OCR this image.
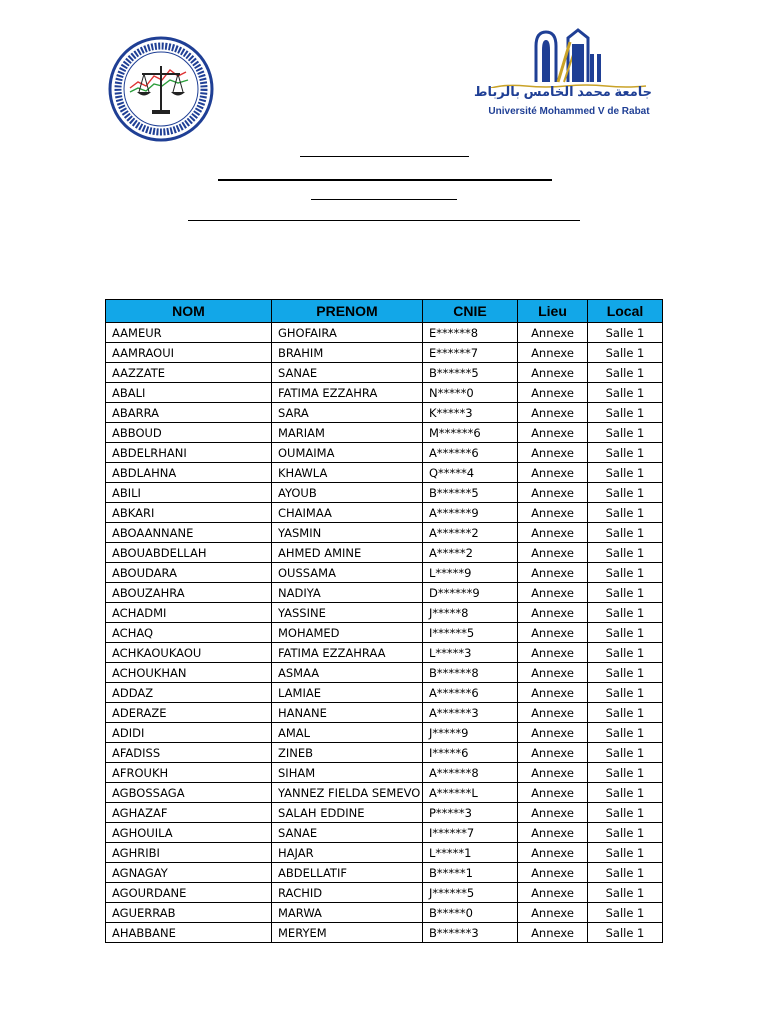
جامعة محمد الخامس بالرباط
Université Mohammed V de Rabat
NOM	PRENOM	CNIE	Lieu	Local
AAMEUR	GHOFAIRA	E******8	Annexe	Salle 1
AAMRAOUI	BRAHIM	E******7	Annexe	Salle 1
AAZZATE	SANAE	B******5	Annexe	Salle 1
ABALI	FATIMA EZZAHRA	N*****0	Annexe	Salle 1
ABARRA	SARA	K*****3	Annexe	Salle 1
ABBOUD	MARIAM	M******6	Annexe	Salle 1
ABDELRHANI	OUMAIMA	A******6	Annexe	Salle 1
ABDLAHNA	KHAWLA	Q*****4	Annexe	Salle 1
ABILI	AYOUB	B******5	Annexe	Salle 1
ABKARI	CHAIMAA	A******9	Annexe	Salle 1
ABOAANNANE	YASMIN	A******2	Annexe	Salle 1
ABOUABDELLAH	AHMED AMINE	A*****2	Annexe	Salle 1
ABOUDARA	OUSSAMA	L*****9	Annexe	Salle 1
ABOUZAHRA	NADIYA	D******9	Annexe	Salle 1
ACHADMI	YASSINE	J*****8	Annexe	Salle 1
ACHAQ	MOHAMED	I******5	Annexe	Salle 1
ACHKAOUKAOU	FATIMA EZZAHRAA	L*****3	Annexe	Salle 1
ACHOUKHAN	ASMAA	B******8	Annexe	Salle 1
ADDAZ	LAMIAE	A******6	Annexe	Salle 1
ADERAZE	HANANE	A******3	Annexe	Salle 1
ADIDI	AMAL	J*****9	Annexe	Salle 1
AFADISS	ZINEB	I*****6	Annexe	Salle 1
AFROUKH	SIHAM	A******8	Annexe	Salle 1
AGBOSSAGA	YANNEZ FIELDA SEMEVO	A******L	Annexe	Salle 1
AGHAZAF	SALAH EDDINE	P*****3	Annexe	Salle 1
AGHOUILA	SANAE	I******7	Annexe	Salle 1
AGHRIBI	HAJAR	L*****1	Annexe	Salle 1
AGNAGAY	ABDELLATIF	B*****1	Annexe	Salle 1
AGOURDANE	RACHID	J******5	Annexe	Salle 1
AGUERRAB	MARWA	B*****0	Annexe	Salle 1
AHABBANE	MERYEM	B******3	Annexe	Salle 1
